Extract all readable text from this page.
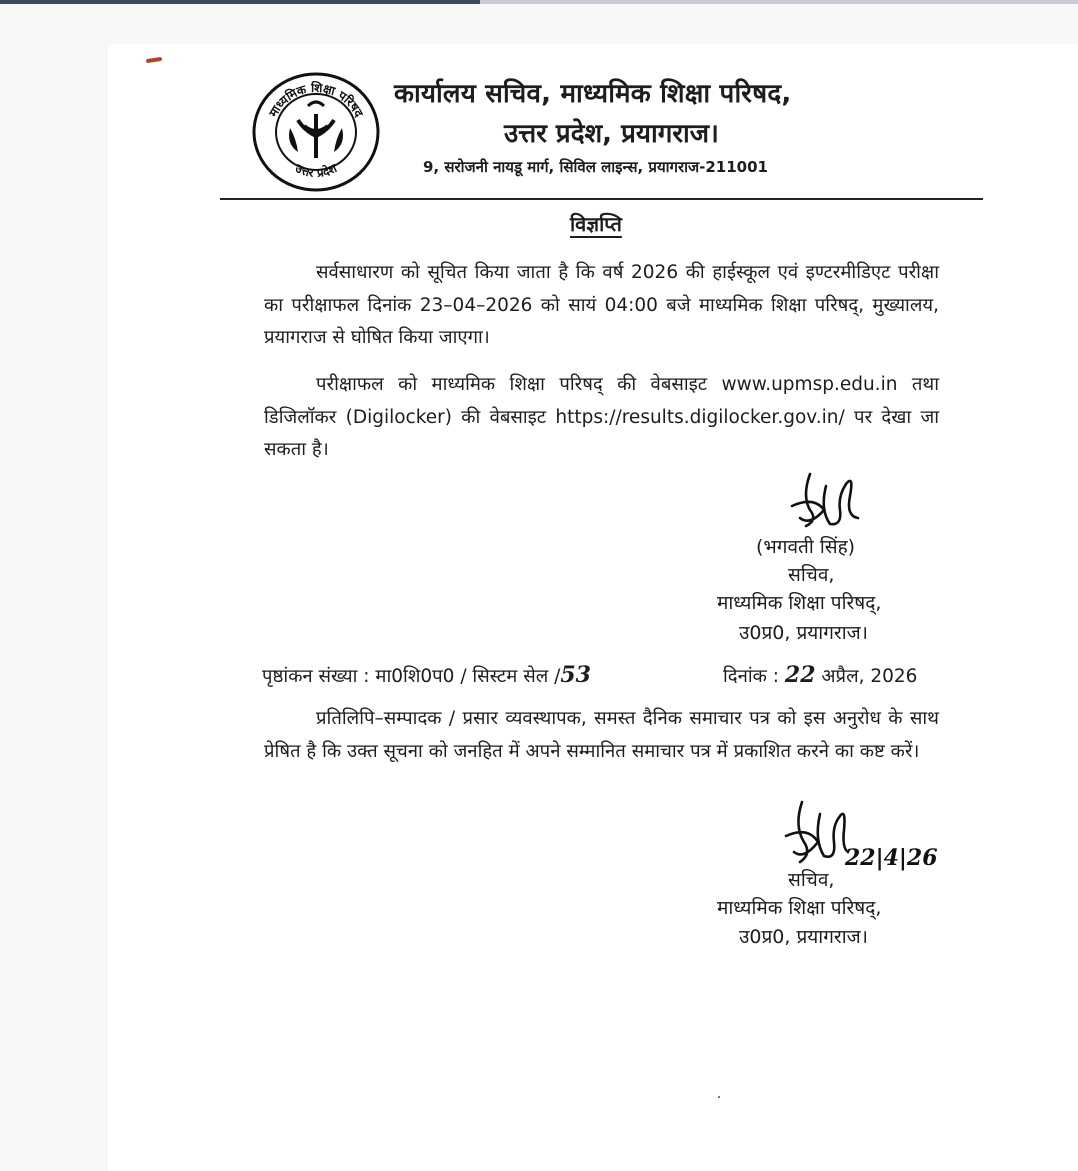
माध्यमिक शिक्षा परिषद
उत्तर प्रदेश
कार्यालय सचिव, माध्यमिक शिक्षा परिषद,
उत्तर प्रदेश, प्रयागराज।
9, सरोजनी नायडू मार्ग, सिविल लाइन्स, प्रयागराज-211001
विज्ञप्ति
सर्वसाधारण को सूचित किया जाता है कि वर्ष 2026 की हाईस्कूल एवं इण्टरमीडिएट परीक्षा का परीक्षाफल दिनांक 23–04–2026 को सायं 04:00 बजे माध्यमिक शिक्षा परिषद्, मुख्यालय, प्रयागराज से घोषित किया जाएगा।
परीक्षाफल को माध्यमिक शिक्षा परिषद् की वेबसाइट www.upmsp.edu.in तथा डिजिलॉकर (Digilocker) की वेबसाइट https://results.digilocker.gov.in/ पर देखा जा सकता है।
(भगवती सिंह)
सचिव,
माध्यमिक शिक्षा परिषद्,
उ0प्र0, प्रयागराज।
पृष्ठांकन संख्या : मा0शि0प0 / सिस्टम सेल /53	दिनांक : 22 अप्रैल, 2026
प्रतिलिपि–सम्पादक / प्रसार व्यवस्थापक, समस्त दैनिक समाचार पत्र को इस अनुरोध के साथ प्रेषित है कि उक्त सूचना को जनहित में अपने सम्मानित समाचार पत्र में प्रकाशित करने का कष्ट करें।
22|4|26
सचिव,
माध्यमिक शिक्षा परिषद्,
उ0प्र0, प्रयागराज।
